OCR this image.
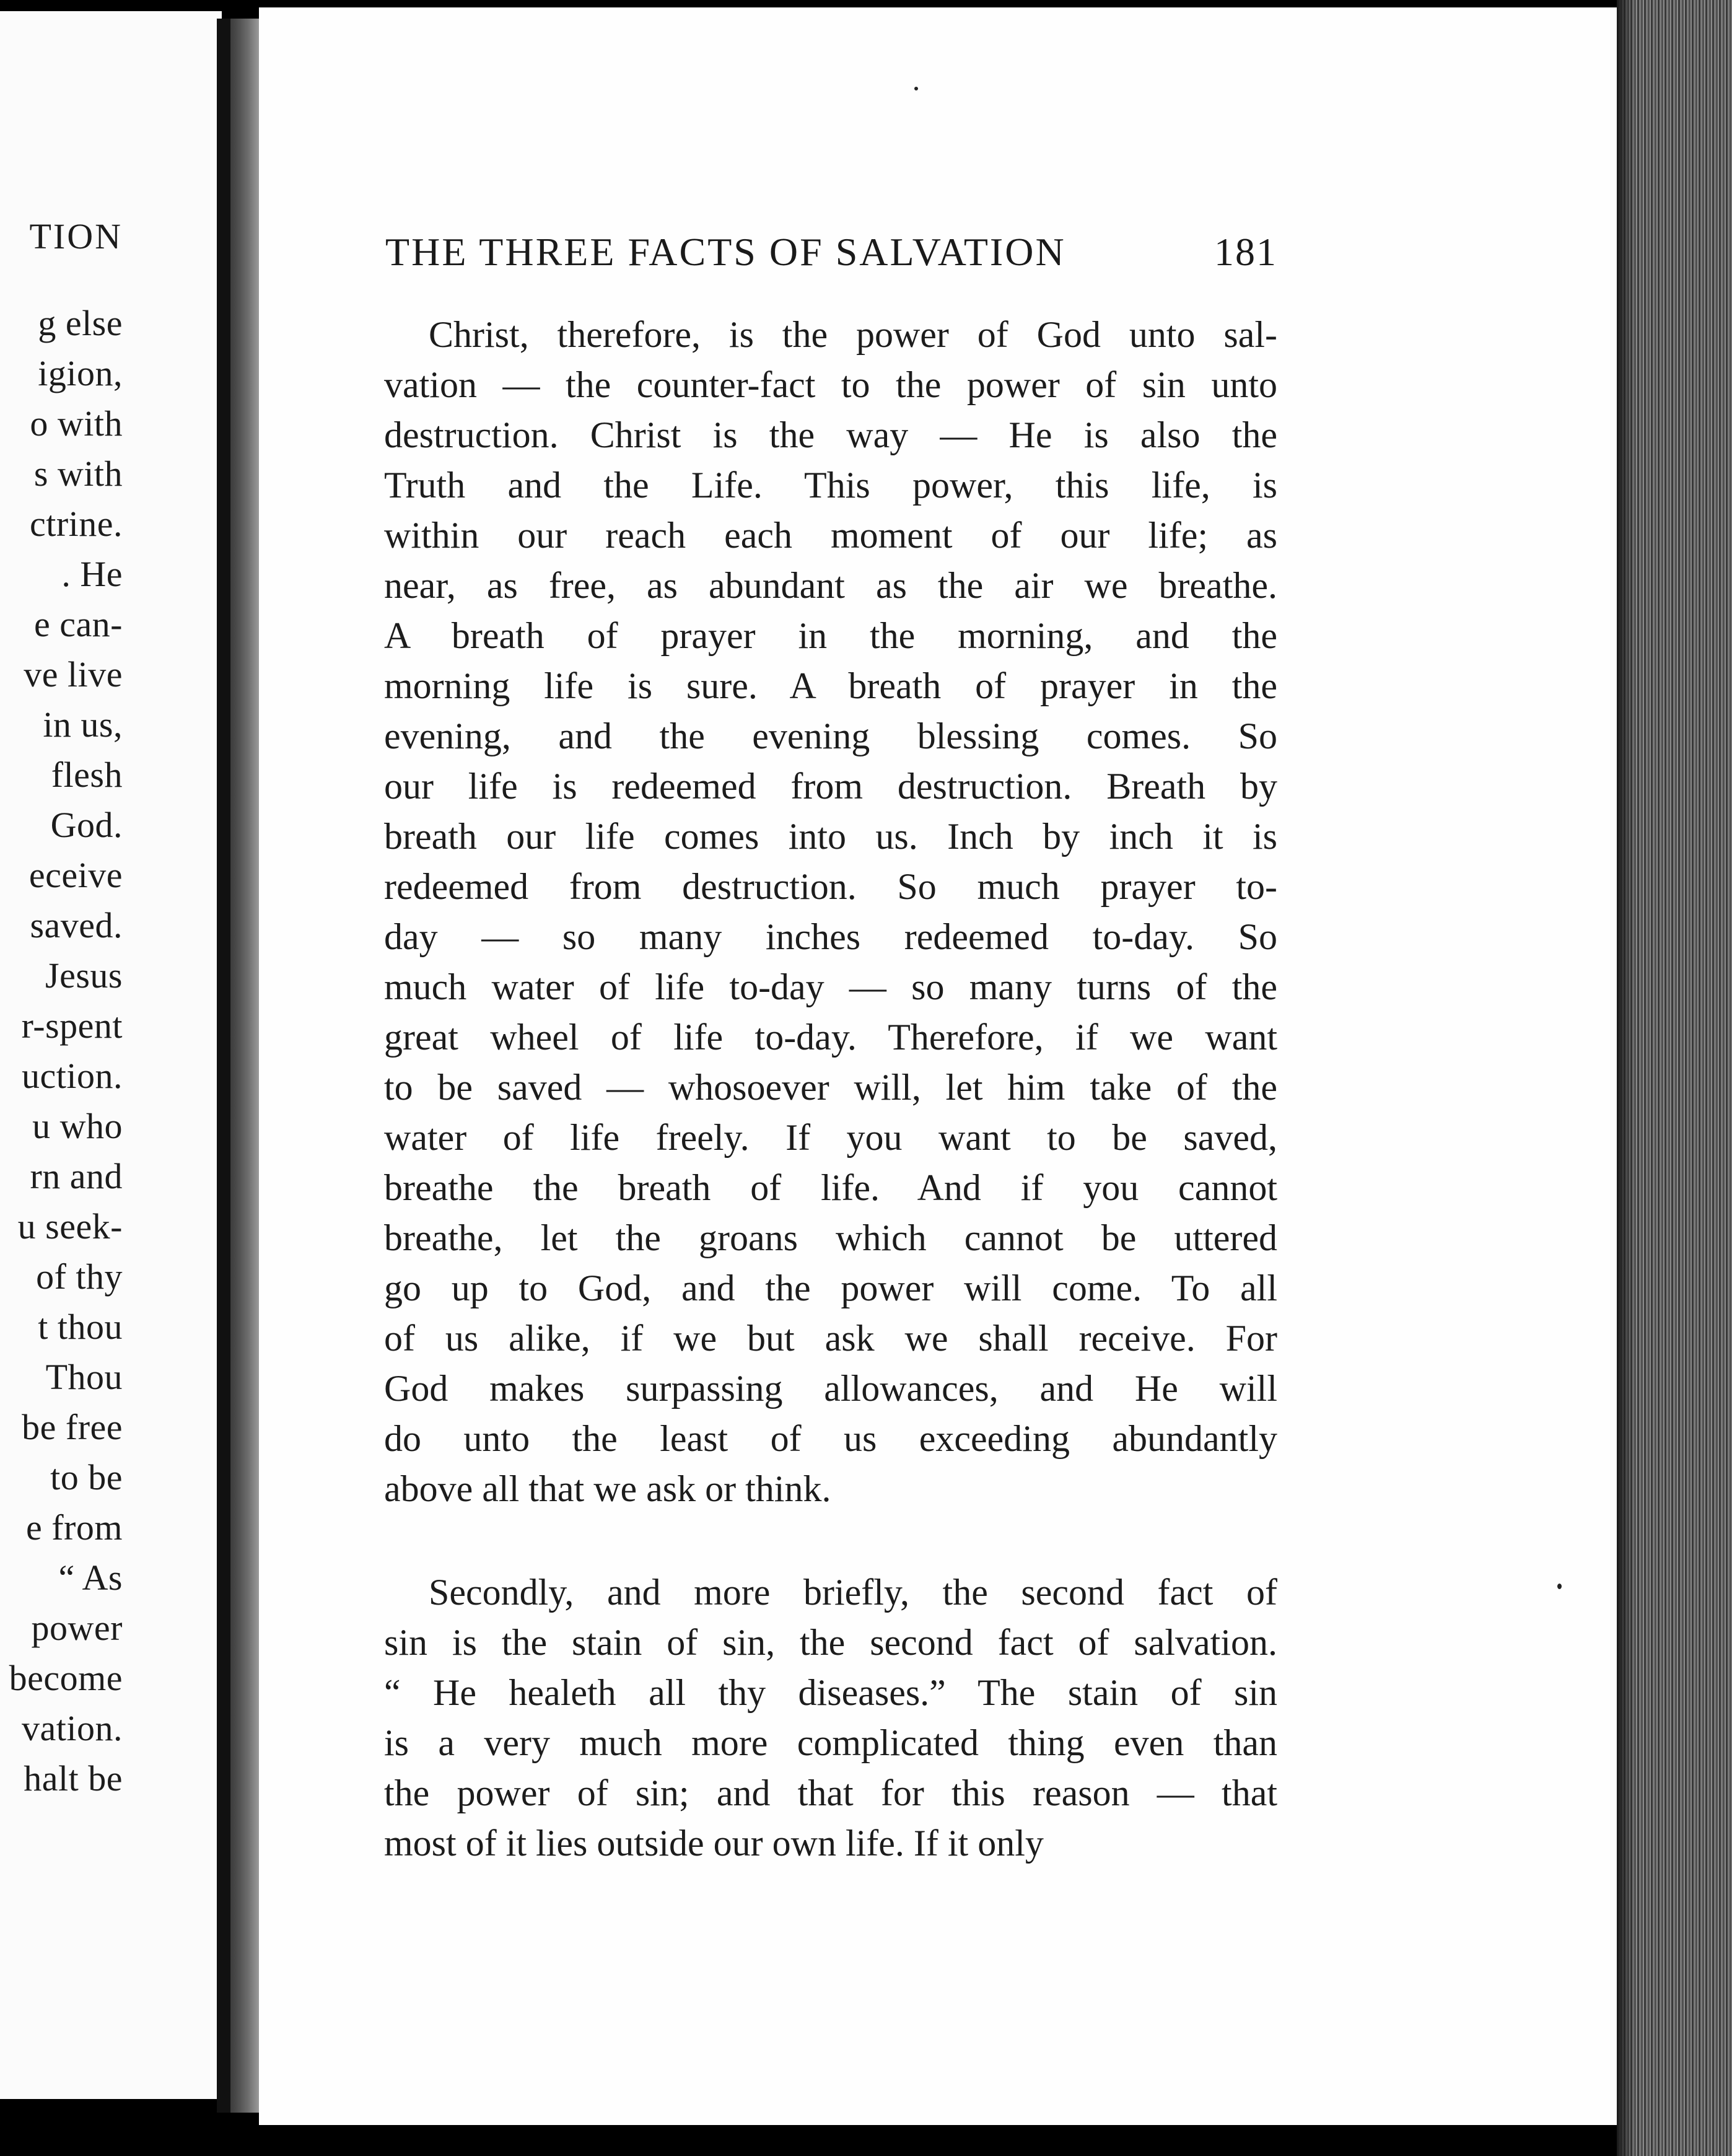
TION
g else
igion,
o with
s with
ctrine.
. He
e can-
ve live
in us,
flesh
God.
eceive
saved.
Jesus
r-spent
uction.
u who
rn and
u seek-
of thy
t thou
Thou
be free
to be
e from
“ As
power
become
vation.
halt be
THE THREE FACTS OF SALVATION	181
Christ, therefore, is the power of God unto sal-
vation — the counter-fact to the power of sin unto
destruction. Christ is the way — He is also the
Truth and the Life. This power, this life, is
within our reach each moment of our life; as
near, as free, as abundant as the air we breathe.
A breath of prayer in the morning, and the
morning life is sure. A breath of prayer in the
evening, and the evening blessing comes. So
our life is redeemed from destruction. Breath by
breath our life comes into us. Inch by inch it is
redeemed from destruction. So much prayer to-
day — so many inches redeemed to-day. So
much water of life to-day — so many turns of the
great wheel of life to-day. Therefore, if we want
to be saved — whosoever will, let him take of the
water of life freely. If you want to be saved,
breathe the breath of life. And if you cannot
breathe, let the groans which cannot be uttered
go up to God, and the power will come. To all
of us alike, if we but ask we shall receive. For
God makes surpassing allowances, and He will
do unto the least of us exceeding abundantly
above all that we ask or think.
Secondly, and more briefly, the second fact of
sin is the stain of sin, the second fact of salvation.
“ He healeth all thy diseases.” The stain of sin
is a very much more complicated thing even than
the power of sin; and that for this reason — that
most of it lies outside our own life. If it only
